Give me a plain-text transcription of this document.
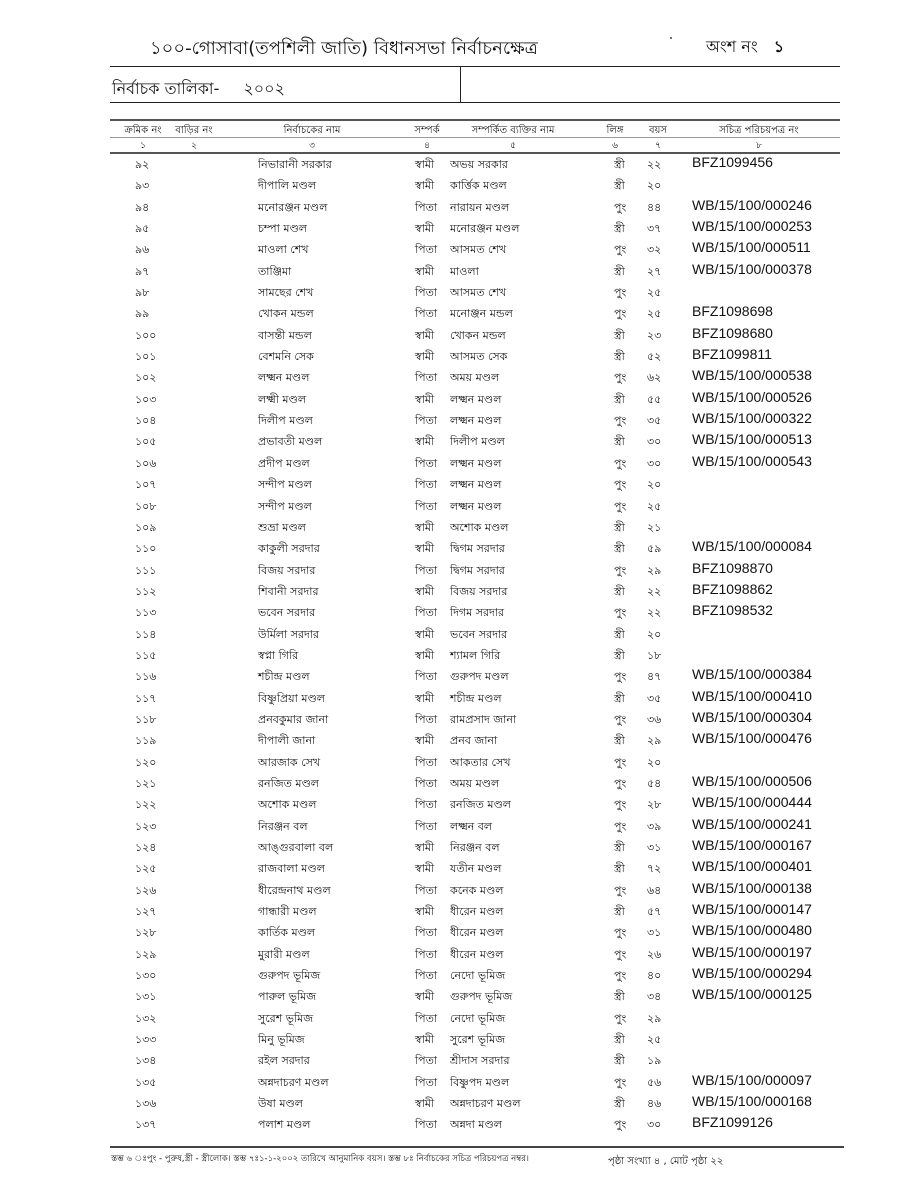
১০০-গোসাবা(তপশিলী জাতি) বিধানসভা নির্বাচনক্ষেত্র	অংশ নং ১
নির্বাচক তালিকা- ২০০২
ক্রমিক নং বাড়ির নং	নির্বাচকের নাম	সম্পর্ক	সম্পর্কিত ব্যক্তির নাম	লিঙ্গ	বয়স	সচিত্র পরিচয়পত্র নং
১	২	৩	৪	৫	৬	৭	৮
৯২	নিভারানী সরকার	স্বামী অভয় সরকার	স্ত্রী ২২ BFZ1099456
৯৩	দীপালি মণ্ডল	স্বামী কার্ত্তিক মণ্ডল	স্ত্রী ২০
৯৪	মনোরঞ্জন মণ্ডল	পিতা নারায়ন মণ্ডল	পুং ৪৪ WB/15/100/000246
৯৫	চম্পা মণ্ডল	স্বামী মনোরঞ্জন মণ্ডল	স্ত্রী ৩৭ WB/15/100/000253
৯৬	মাওলা শেখ	পিতা আসমত শেখ	পুং ৩২ WB/15/100/000511
৯৭	তাঞ্জিমা	স্বামী মাওলা	স্ত্রী ২৭ WB/15/100/000378
৯৮	সামছের শেখ	পিতা আসমত শেখ	পুং ২৫
৯৯	খোকন মন্ডল	পিতা মনোঞ্জন মন্ডল	পুং ২৫ BFZ1098698
১০০	বাসন্তী মন্ডল	স্বামী খোকন মন্ডল	স্ত্রী ২৩ BFZ1098680
১০১	বেশমনি সেক	স্বামী আসমত সেক	স্ত্রী ৫২ BFZ1099811
১০২	লক্ষ্মন মণ্ডল	পিতা অময় মণ্ডল	পুং ৬২ WB/15/100/000538
১০৩	লক্ষ্মী মণ্ডল	স্বামী লক্ষ্মন মণ্ডল	স্ত্রী ৫৫ WB/15/100/000526
১০৪	দিলীপ মণ্ডল	পিতা লক্ষ্মন মণ্ডল	পুং ৩৫ WB/15/100/000322
১০৫	প্রভাবতী মণ্ডল	স্বামী দিলীপ মণ্ডল	স্ত্রী ৩০ WB/15/100/000513
১০৬	প্রদীপ মণ্ডল	পিতা লক্ষ্মন মণ্ডল	পুং ৩০ WB/15/100/000543
১০৭	সন্দীপ মণ্ডল	পিতা লক্ষ্মন মণ্ডল	পুং ২০
১০৮	সন্দীপ মণ্ডল	পিতা লক্ষ্মন মণ্ডল	পুং ২৫
১০৯	শুভ্রা মণ্ডল	স্বামী অশোক মণ্ডল	স্ত্রী ২১
১১০	কাকুলী সরদার	স্বামী দ্বিগম সরদার	স্ত্রী ৫৯ WB/15/100/000084
১১১	বিজয় সরদার	পিতা দ্বিগম সরদার	পুং ২৯ BFZ1098870
১১২	শিবানী সরদার	স্বামী বিজয় সরদার	স্ত্রী ২২ BFZ1098862
১১৩	ভবেন সরদার	পিতা দিগম সরদার	পুং ২২ BFZ1098532
১১৪	উর্মিলা সরদার	স্বামী ভবেন সরদার	স্ত্রী ২০
১১৫	স্বপ্না গিরি	স্বামী শ্যামল গিরি	স্ত্রী ১৮
১১৬	শচীন্দ্র মণ্ডল	পিতা গুরুপদ মণ্ডল	পুং ৪৭ WB/15/100/000384
১১৭	বিষ্ণুপ্রিয়া মণ্ডল	স্বামী শচীন্দ্র মণ্ডল	স্ত্রী ৩৫ WB/15/100/000410
১১৮	প্রনবকুমার জানা	পিতা রামপ্রসাদ জানা	পুং ৩৬ WB/15/100/000304
১১৯	দীপালী জানা	স্বামী প্রনব জানা	স্ত্রী ২৯ WB/15/100/000476
১২০	আরজাক সেখ	পিতা আকতার সেখ	পুং ২০
১২১	রনজিত মণ্ডল	পিতা অময় মণ্ডল	পুং ৫৪ WB/15/100/000506
১২২	অশোক মণ্ডল	পিতা রনজিত মণ্ডল	পুং ২৮ WB/15/100/000444
১২৩	নিরঞ্জন বল	পিতা লক্ষ্মন বল	পুং ৩৯ WB/15/100/000241
১২৪	আঙ্গুরবালা বল	স্বামী নিরঞ্জন বল	স্ত্রী ৩১ WB/15/100/000167
১২৫	রাজবালা মণ্ডল	স্বামী যতীন মণ্ডল	স্ত্রী ৭২ WB/15/100/000401
১২৬	ধীরেন্দ্রনাথ মণ্ডল	পিতা কনেক মণ্ডল	পুং ৬৪ WB/15/100/000138
১২৭	গান্ধারী মণ্ডল	স্বামী ধীরেন মণ্ডল	স্ত্রী ৫৭ WB/15/100/000147
১২৮	কার্তিক মণ্ডল	পিতা ধীরেন মণ্ডল	পুং ৩১ WB/15/100/000480
১২৯	মুরারী মণ্ডল	পিতা ধীরেন মণ্ডল	পুং ২৬ WB/15/100/000197
১৩০	গুরুপদ ভূমিজ	পিতা নেদো ভূমিজ	পুং ৪০ WB/15/100/000294
১৩১	পারুল ভূমিজ	স্বামী গুরুপদ ভূমিজ	স্ত্রী ৩৪ WB/15/100/000125
১৩২	সুরেশ ভূমিজ	পিতা নেদো ভূমিজ	পুং ২৯
১৩৩	মিনু ভূমিজ	স্বামী সুরেশ ভূমিজ	স্ত্রী ২৫
১৩৪	রইল সরদার	পিতা শ্রীদাস সরদার	স্ত্রী ১৯
১৩৫	অন্নদাচরণ মণ্ডল	পিতা বিষ্ণুপদ মণ্ডল	পুং ৫৬ WB/15/100/000097
১৩৬	উষা মণ্ডল	স্বামী অন্নদাচরণ মণ্ডল	স্ত্রী ৪৬ WB/15/100/000168
১৩৭	পলাশ মণ্ডল	পিতা অন্নদা মণ্ডল	পুং ৩০ BFZ1099126
স্তম্ভ ৬ ঃপুং - পুরুষ,স্ত্রী - স্ত্রীলোক। স্তম্ভ ৭ঃ১-১-২০০২ তারিখে আনুমানিক বয়স। স্তম্ভ ৮ঃ নির্বাচকের সচিত্র পরিচয়পত্র নম্বর।	পৃষ্ঠা সংখ্যা ৪ , মোট পৃষ্ঠা ২২
